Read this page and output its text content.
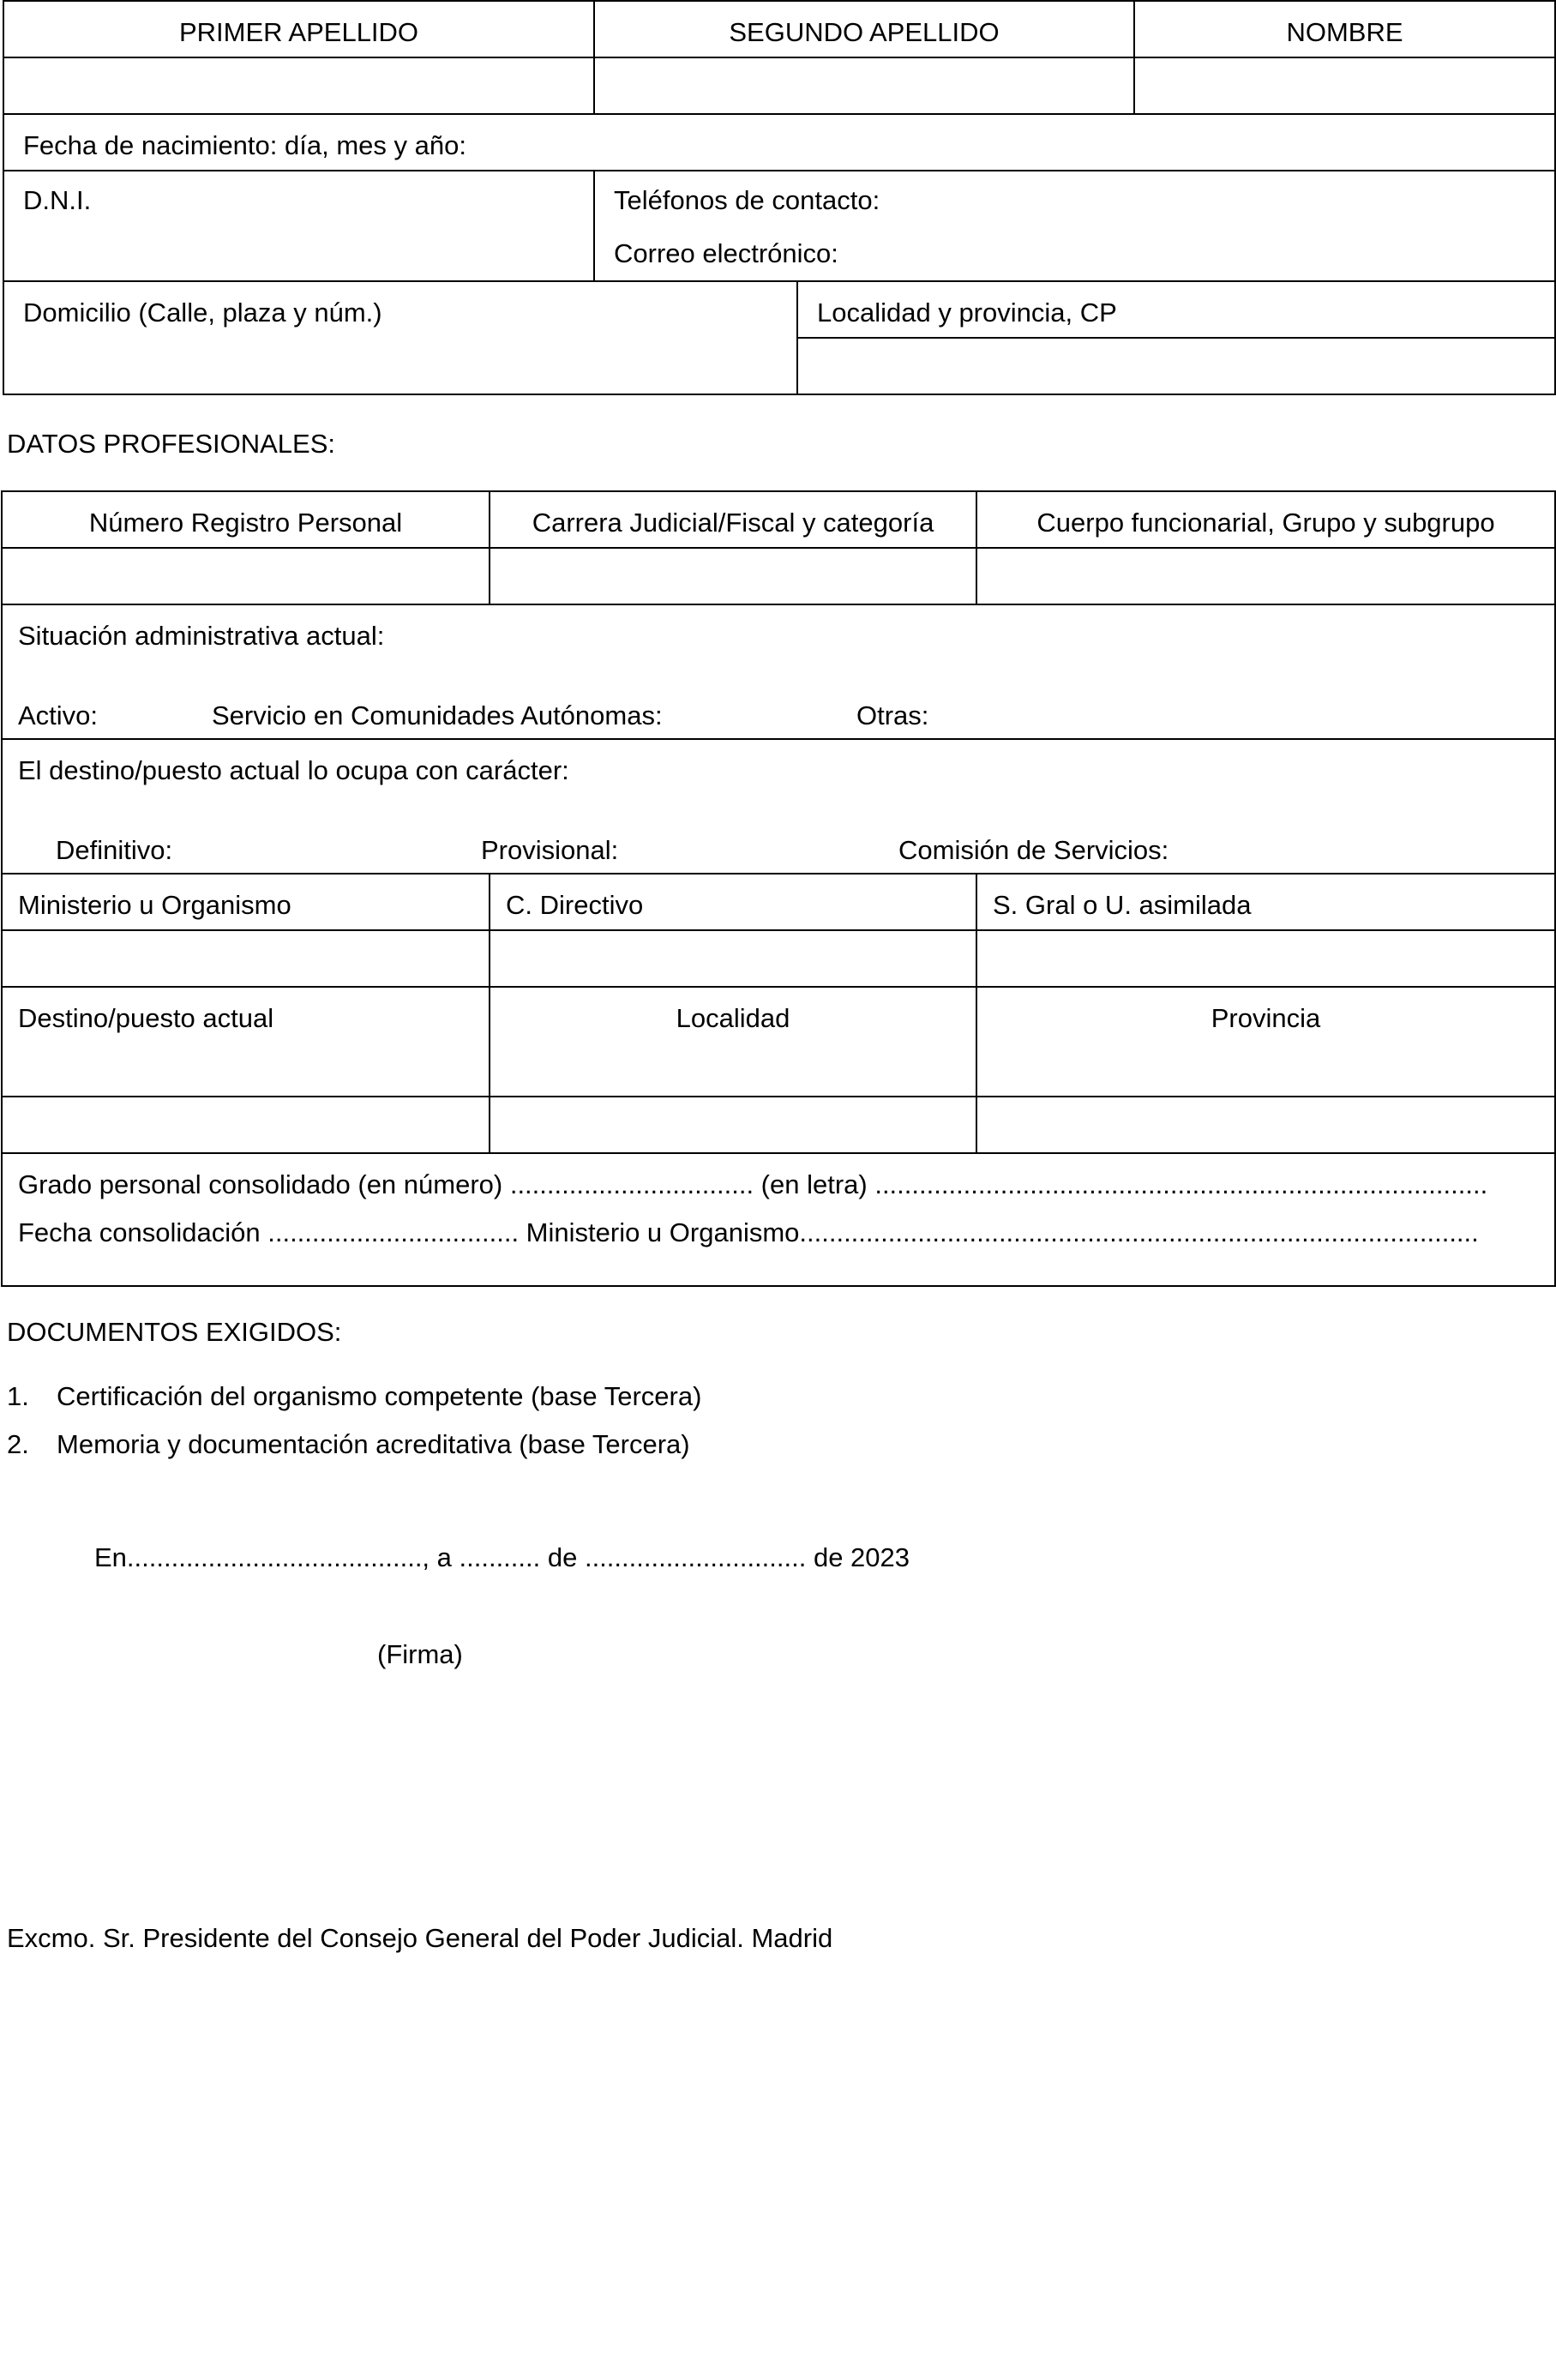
PRIMER APELLIDO	SEGUNDO APELLIDO		NOMBRE

Fecha de nacimiento: día, mes y año:			
D.N.I.	Teléfonos de contacto:
Correo electrónico:		

Domicilio (Calle, plaza y núm.)		Localidad y provincia, CP	

DATOS PROFESIONALES:
Número Registro Personal	Carrera Judicial/Fiscal y categoría	Cuerpo funcionarial, Grupo y subgrupo

Situación administrativa actual:
Activo: Servicio en Comunidades Autónomas: Otras:		

El destino/puesto actual lo ocupa con carácter:
Definitivo: Provisional: Comisión de Servicios:		

Ministerio u Organismo	C. Directivo	S. Gral o U. asimilada

Destino/puesto actual	Localidad	Provincia

Grado personal consolidado (en número) ................................. (en letra) ...................................................................................
Fecha consolidación .................................. Ministerio u Organismo............................................................................................		
DOCUMENTOS EXIGIDOS:
1. Certificación del organismo competente (base Tercera)
2. Memoria y documentación acreditativa (base Tercera)
En........................................, a ........... de .............................. de 2023
(Firma)
Excmo. Sr. Presidente del Consejo General del Poder Judicial. Madrid
